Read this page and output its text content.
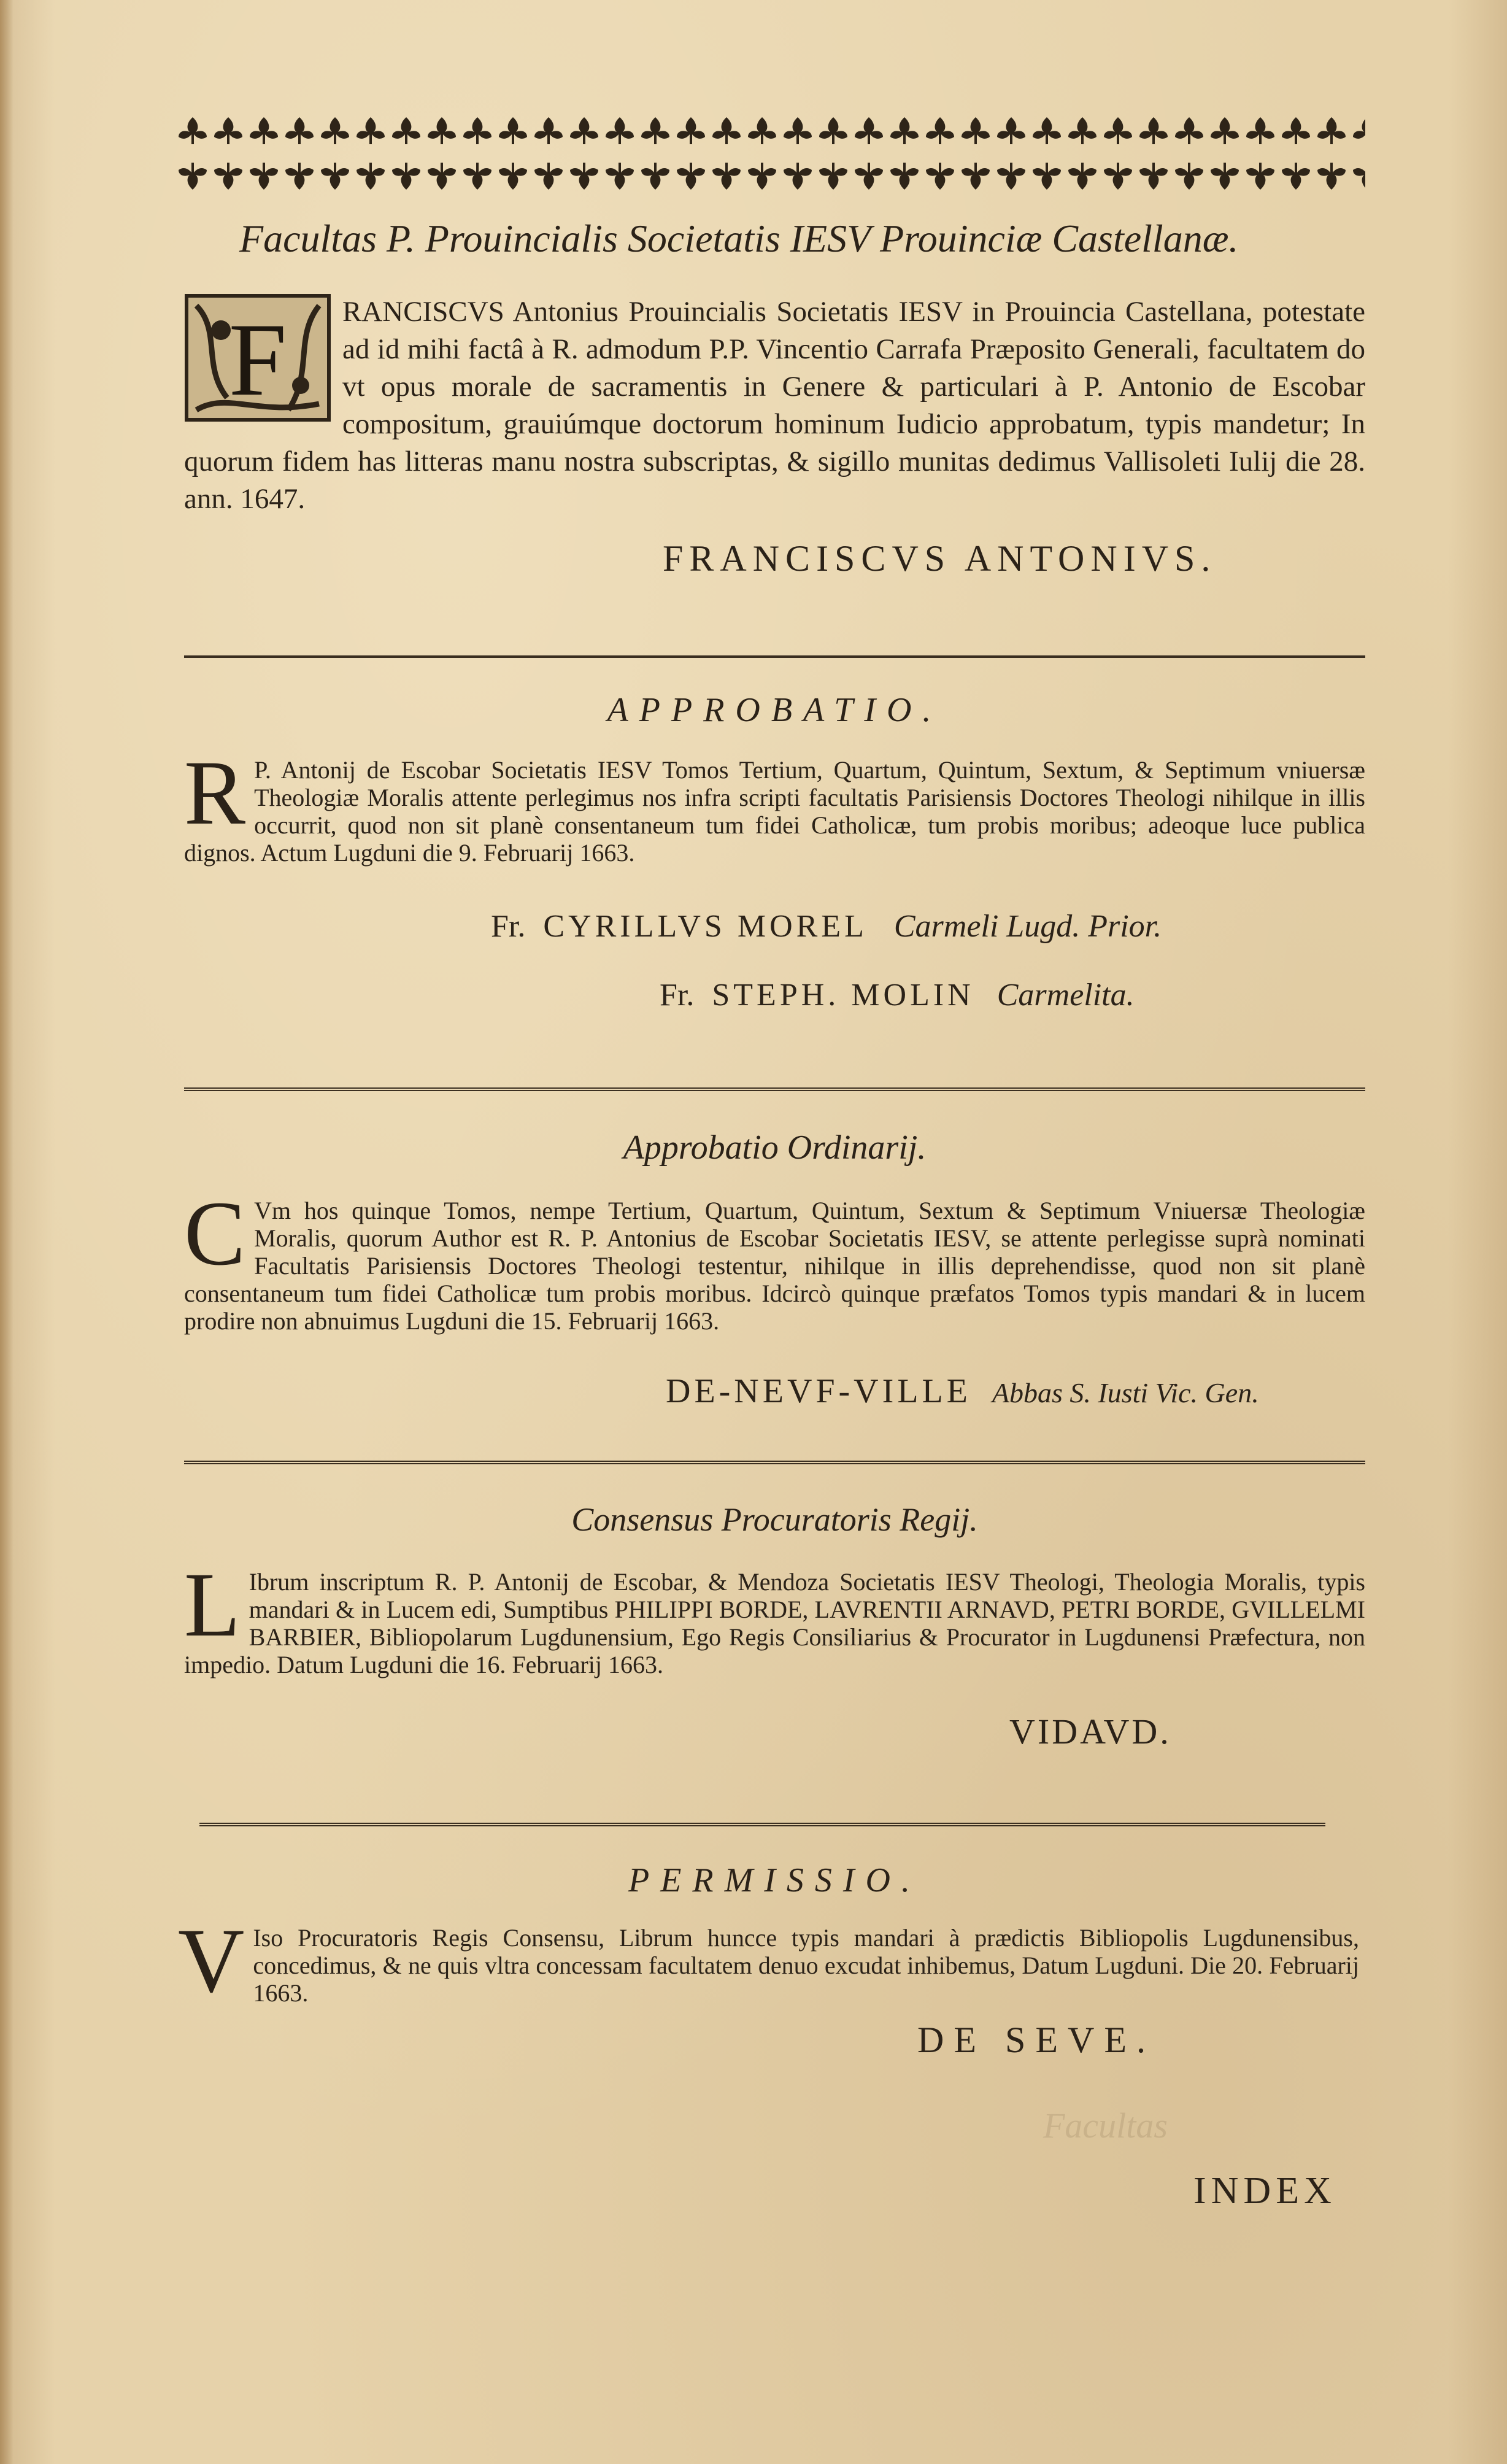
Facultas
Facultas P. Prouincialis Societatis IESV Prouinciæ Castellanæ.
F RANCISCVS Antonius Prouincialis Societatis IESV in Prouincia Castellana, potestate ad id mihi factâ à R. admodum P.P. Vincentio Carrafa Præposito Generali, facultatem do vt opus morale de sacramentis in Genere & particulari à P. Antonio de Escobar compositum, grauiúmque doctorum hominum Iudicio approbatum, typis mandetur; In quorum fidem has litteras manu nostra subscriptas, & sigillo munitas dedimus Vallisoleti Iulij die 28. ann. 1647.
FRANCISCVS ANTONIVS.
APPROBATIO.
R P. Antonij de Escobar Societatis IESV Tomos Tertium, Quartum, Quintum, Sextum, & Septimum vniuersæ Theologiæ Moralis attente perlegimus nos infra scripti facultatis Parisiensis Doctores Theologi nihilque in illis occurrit, quod non sit planè consentaneum tum fidei Catholicæ, tum probis moribus; adeoque luce publica dignos. Actum Lugduni die 9. Februarij 1663.
Fr. CYRILLVS MOREL Carmeli Lugd. Prior.
Fr. STEPH. MOLIN Carmelita.
Approbatio Ordinarij.
C Vm hos quinque Tomos, nempe Tertium, Quartum, Quintum, Sextum & Septimum Vniuersæ Theologiæ Moralis, quorum Author est R. P. Antonius de Escobar Societatis IESV, se attente perlegisse suprà nominati Facultatis Parisiensis Doctores Theologi testentur, nihilque in illis deprehendisse, quod non sit planè consentaneum tum fidei Catholicæ tum probis moribus. Idcircò quinque præfatos Tomos typis mandari & in lucem prodire non abnuimus Lugduni die 15. Februarij 1663.
DE-NEVF-VILLE Abbas S. Iusti Vic. Gen.
Consensus Procuratoris Regij.
L Ibrum inscriptum R. P. Antonij de Escobar, & Mendoza Societatis IESV Theologi, Theologia Moralis, typis mandari & in Lucem edi, Sumptibus PHILIPPI BORDE, LAVRENTII ARNAVD, PETRI BORDE, GVILLELMI BARBIER, Bibliopolarum Lugdunensium, Ego Regis Consiliarius & Procurator in Lugdunensi Præfectura, non impedio. Datum Lugduni die 16. Februarij 1663.
VIDAVD.
PERMISSIO.
V Iso Procuratoris Regis Consensu, Librum huncce typis mandari à prædictis Bibliopolis Lugdunensibus, concedimus, & ne quis vltra concessam facultatem denuo excudat inhibemus, Datum Lugduni. Die 20. Februarij 1663.
DE SEVE.
INDEX
